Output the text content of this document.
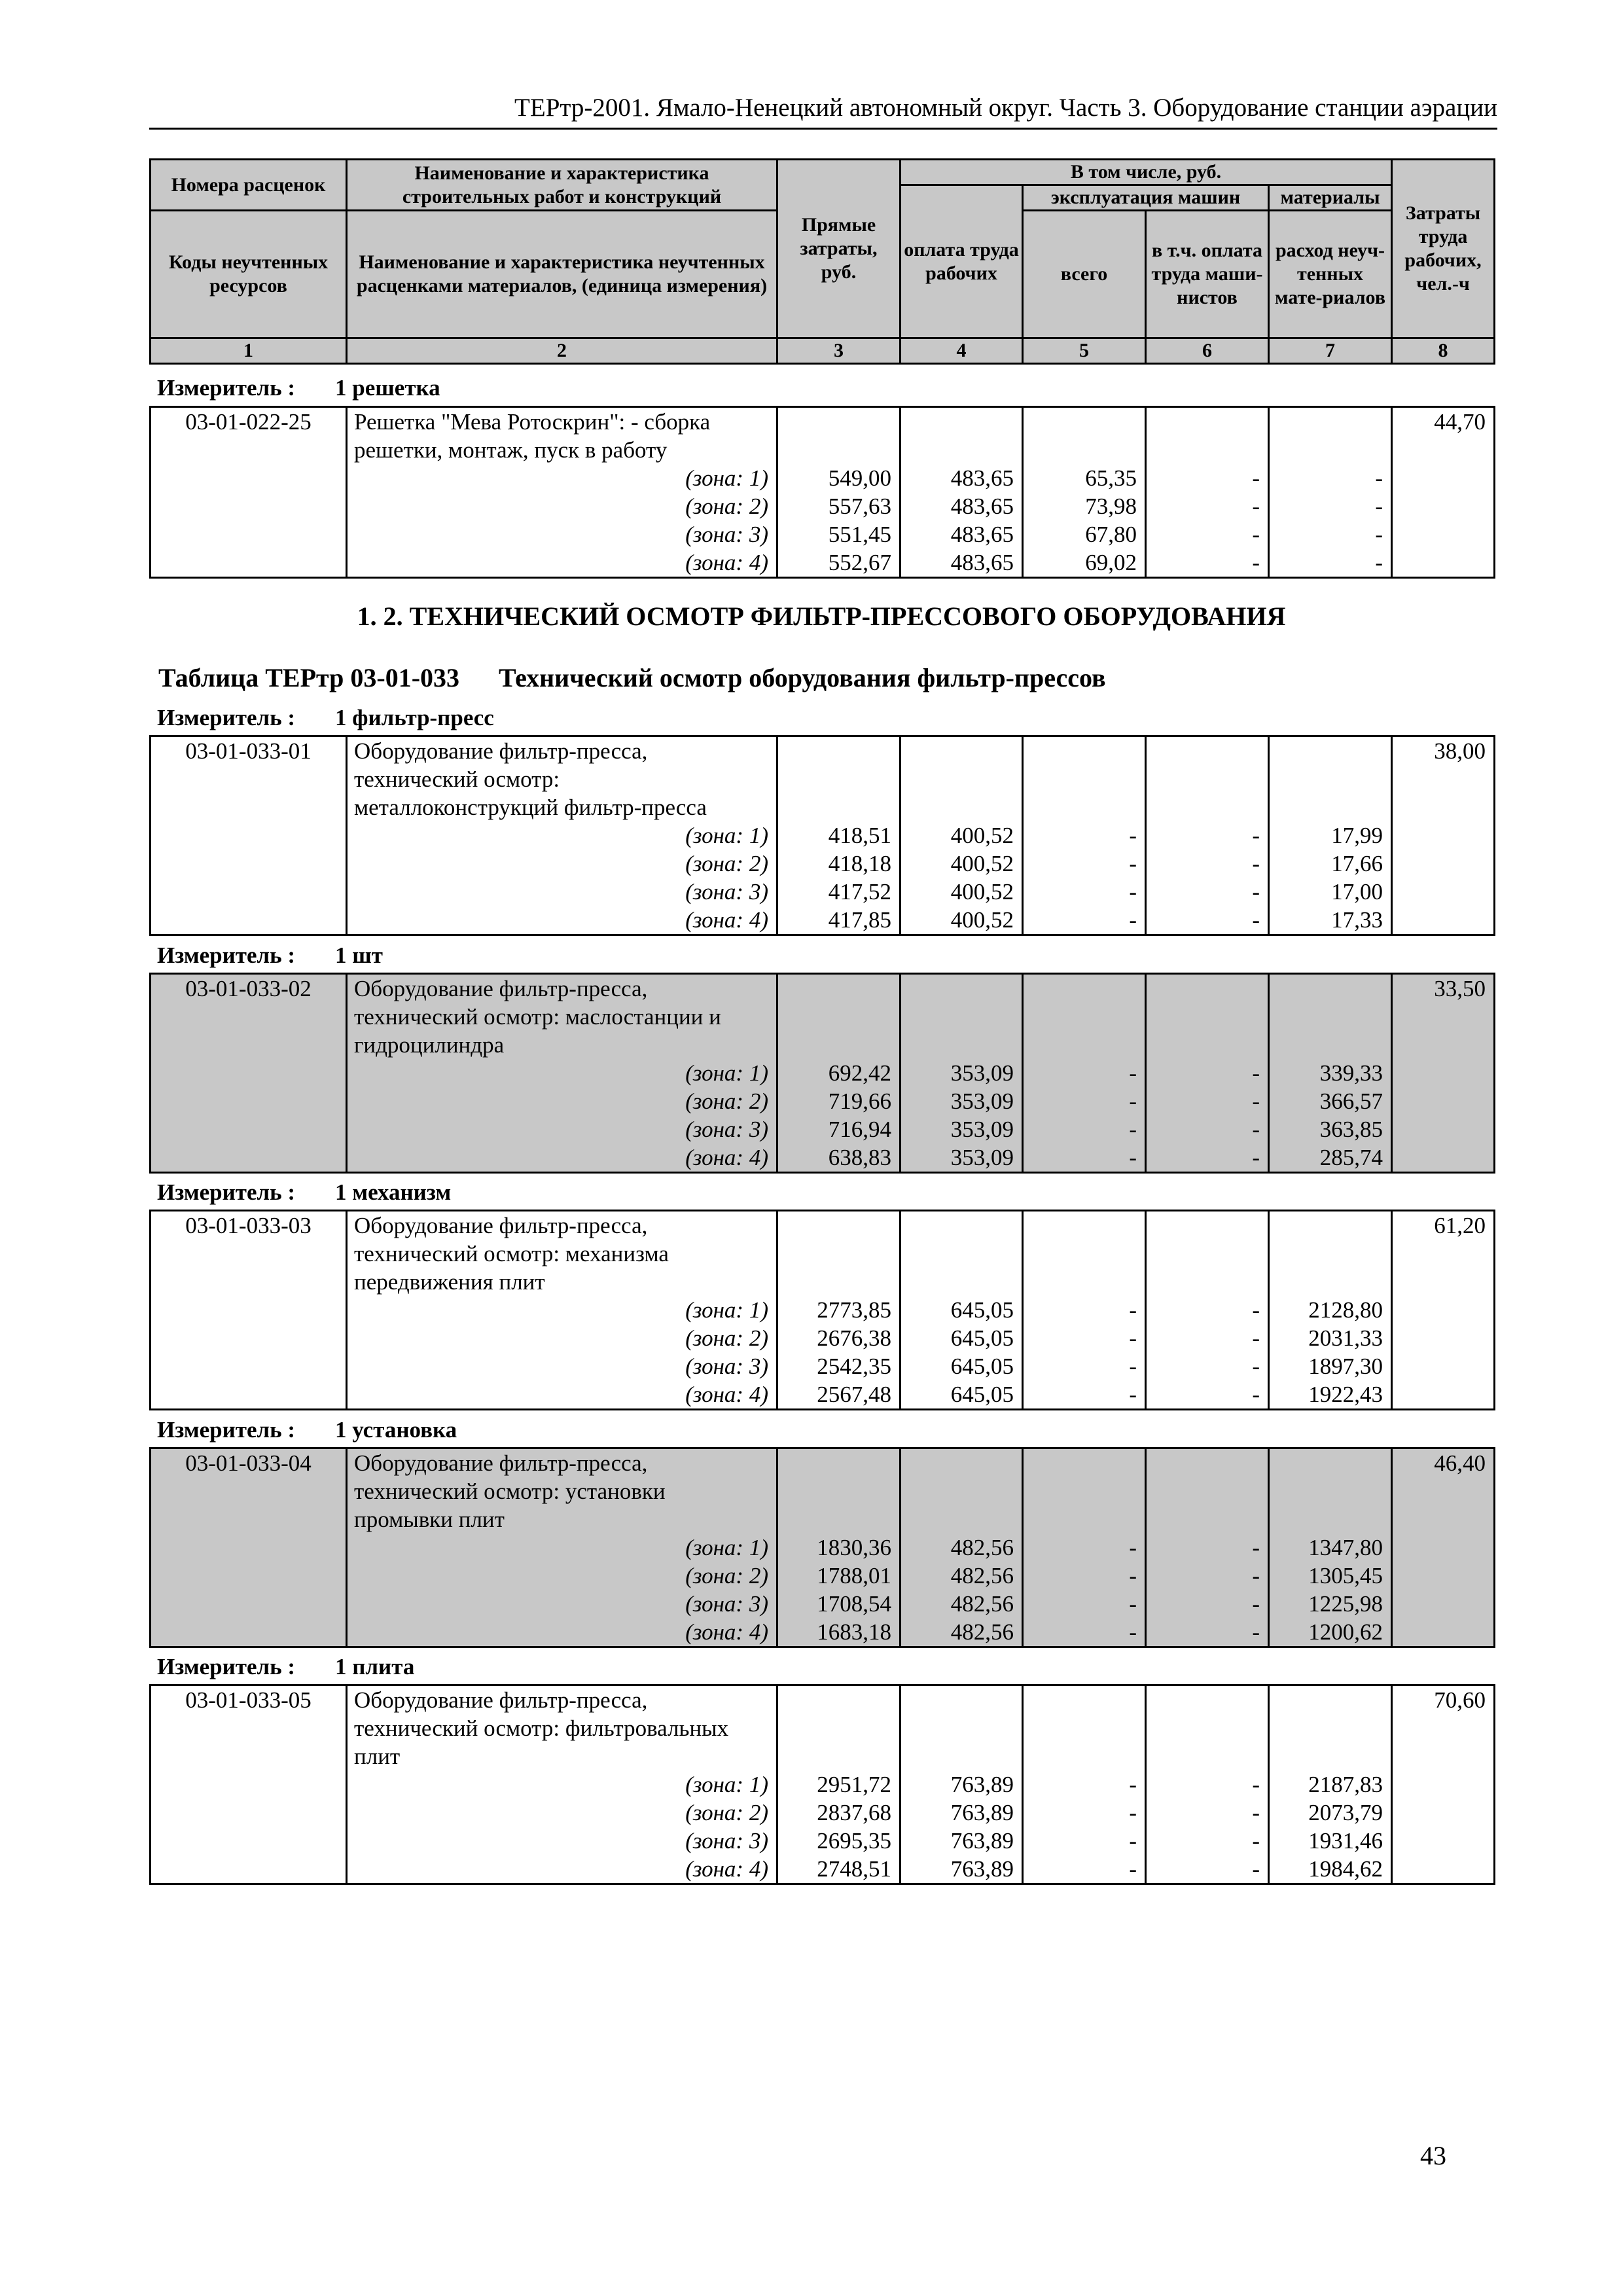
ТЕРтр-2001. Ямало-Ненецкий автономный округ. Часть 3. Оборудование станции аэрации
Номера расценок	Наименование и характеристика строительных работ и конструкций	Прямые затраты, руб.	В том числе, руб.				Затраты труда рабочих, чел.-ч
			оплата труда рабочих	эксплуатация машин		материалы	
Коды неучтенных ресурсов	Наименование и характеристика неучтенных расценками материалов, (единица измерения)			всего	в т.ч. оплата труда маши-нистов	расход неуч-тенных мате-риалов	

1	2	3	4	5	6	7	8
1. 2. ТЕХНИЧЕСКИЙ ОСМОТР ФИЛЬТР-ПРЕССОВОГО ОБОРУДОВАНИЯ
Таблица ТЕРтр 03-01-033 Технический осмотр оборудования фильтр-прессов
Измеритель : 1 решетка
03-01-022-25	Решетка "Мева Ротоскрин": - сборка						44,70
	решетки, монтаж, пуск в работу						
	(зона: 1)	549,00	483,65	65,35	-	-	
	(зона: 2)	557,63	483,65	73,98	-	-	
	(зона: 3)	551,45	483,65	67,80	-	-	
	(зона: 4)	552,67	483,65	69,02	-	-	
Измеритель : 1 фильтр-пресс
03-01-033-01	Оборудование фильтр-пресса,						38,00
	технический осмотр:						
	металлоконструкций фильтр-пресса						
	(зона: 1)	418,51	400,52	-	-	17,99	
	(зона: 2)	418,18	400,52	-	-	17,66	
	(зона: 3)	417,52	400,52	-	-	17,00	
	(зона: 4)	417,85	400,52	-	-	17,33	
Измеритель : 1 шт
03-01-033-02	Оборудование фильтр-пресса,						33,50
	технический осмотр: маслостанции и						
	гидроцилиндра						
	(зона: 1)	692,42	353,09	-	-	339,33	
	(зона: 2)	719,66	353,09	-	-	366,57	
	(зона: 3)	716,94	353,09	-	-	363,85	
	(зона: 4)	638,83	353,09	-	-	285,74	
Измеритель : 1 механизм
03-01-033-03	Оборудование фильтр-пресса,						61,20
	технический осмотр: механизма						
	передвижения плит						
	(зона: 1)	2773,85	645,05	-	-	2128,80	
	(зона: 2)	2676,38	645,05	-	-	2031,33	
	(зона: 3)	2542,35	645,05	-	-	1897,30	
	(зона: 4)	2567,48	645,05	-	-	1922,43	
Измеритель : 1 установка
03-01-033-04	Оборудование фильтр-пресса,						46,40
	технический осмотр: установки						
	промывки плит						
	(зона: 1)	1830,36	482,56	-	-	1347,80	
	(зона: 2)	1788,01	482,56	-	-	1305,45	
	(зона: 3)	1708,54	482,56	-	-	1225,98	
	(зона: 4)	1683,18	482,56	-	-	1200,62	
Измеритель : 1 плита
03-01-033-05	Оборудование фильтр-пресса,						70,60
	технический осмотр: фильтровальных						
	плит						
	(зона: 1)	2951,72	763,89	-	-	2187,83	
	(зона: 2)	2837,68	763,89	-	-	2073,79	
	(зона: 3)	2695,35	763,89	-	-	1931,46	
	(зона: 4)	2748,51	763,89	-	-	1984,62	
43
